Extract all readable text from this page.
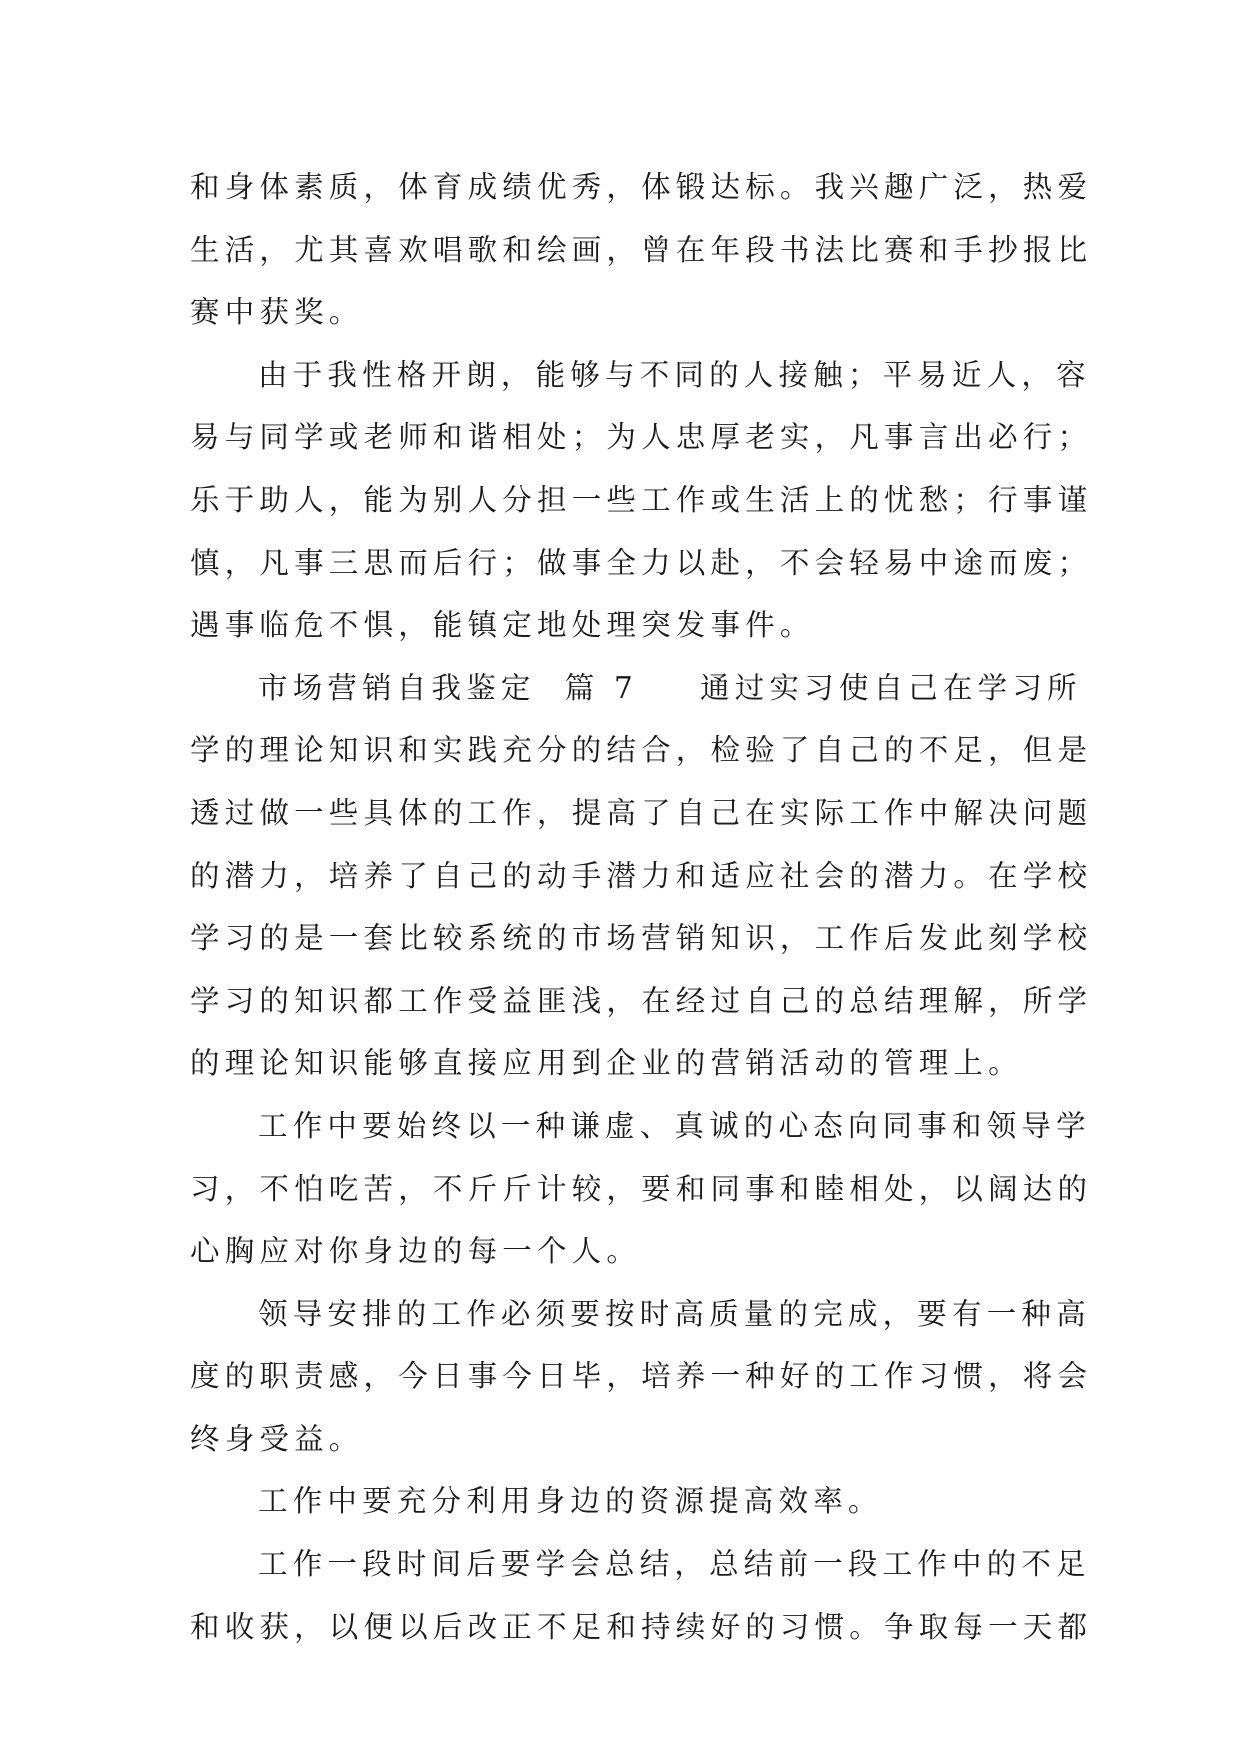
和身体素质，体育成绩优秀，体锻达标。我兴趣广泛，热爱
生活，尤其喜欢唱歌和绘画，曾在年段书法比赛和手抄报比
赛中获奖。
由于我性格开朗，能够与不同的人接触；平易近人，容
易与同学或老师和谐相处；为人忠厚老实，凡事言出必行；
乐于助人，能为别人分担一些工作或生活上的忧愁；行事谨
慎，凡事三思而后行；做事全力以赴，不会轻易中途而废；
遇事临危不惧，能镇定地处理突发事件。
市场营销自我鉴定  篇 7 通过实习使自己在学习所
学的理论知识和实践充分的结合，检验了自己的不足，但是
透过做一些具体的工作，提高了自己在实际工作中解决问题
的潜力，培养了自己的动手潜力和适应社会的潜力。在学校
学习的是一套比较系统的市场营销知识，工作后发此刻学校
学习的知识都工作受益匪浅，在经过自己的总结理解，所学
的理论知识能够直接应用到企业的营销活动的管理上。
工作中要始终以一种谦虚、真诚的心态向同事和领导学
习，不怕吃苦，不斤斤计较，要和同事和睦相处，以阔达的
心胸应对你身边的每一个人。
领导安排的工作必须要按时高质量的完成，要有一种高
度的职责感，今日事今日毕，培养一种好的工作习惯，将会
终身受益。
工作中要充分利用身边的资源提高效率。
工作一段时间后要学会总结，总结前一段工作中的不足
和收获，以便以后改正不足和持续好的习惯。争取每一天都
